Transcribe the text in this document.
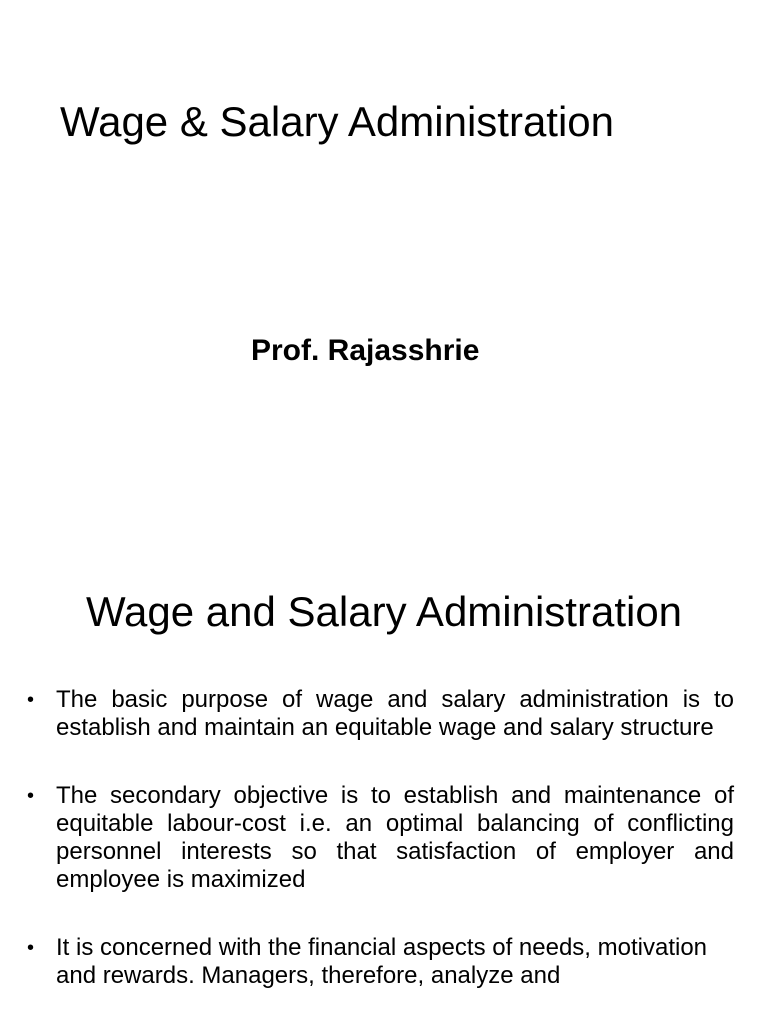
Wage & Salary Administration
Prof. Rajasshrie
Wage and Salary Administration
• The basic purpose of wage and salary administration is to establish and maintain an equitable wage and salary structure
• The secondary objective is to establish and maintenance of equitable labour-cost i.e. an optimal balancing of conflicting personnel interests so that satisfaction of employer and employee is maximized
• It is concerned with the financial aspects of needs, motivation and rewards. Managers, therefore, analyze and
